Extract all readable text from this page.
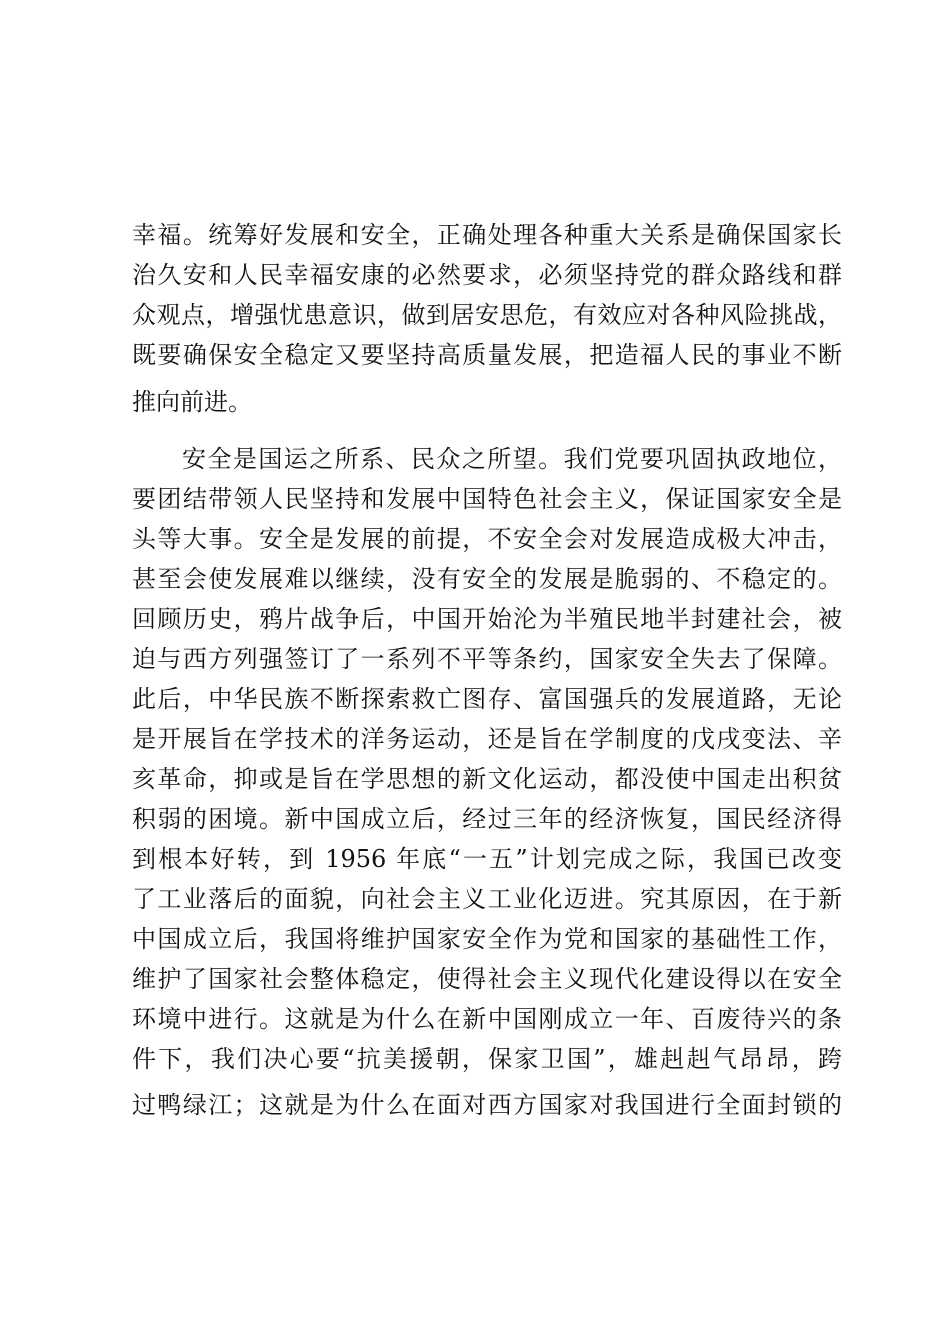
幸福。统筹好发展和安全，正确处理各种重大关系是确保国家长
治久安和人民幸福安康的必然要求，必须坚持党的群众路线和群
众观点，增强忧患意识，做到居安思危，有效应对各种风险挑战，
既要确保安全稳定又要坚持高质量发展，把造福人民的事业不断
推向前进。
安全是国运之所系、民众之所望。我们党要巩固执政地位，
要团结带领人民坚持和发展中国特色社会主义，保证国家安全是
头等大事。安全是发展的前提，不安全会对发展造成极大冲击，
甚至会使发展难以继续，没有安全的发展是脆弱的、不稳定的。
回顾历史，鸦片战争后，中国开始沦为半殖民地半封建社会，被
迫与西方列强签订了一系列不平等条约，国家安全失去了保障。
此后，中华民族不断探索救亡图存、富国强兵的发展道路，无论
是开展旨在学技术的洋务运动，还是旨在学制度的戊戌变法、辛
亥革命，抑或是旨在学思想的新文化运动，都没使中国走出积贫
积弱的困境。新中国成立后，经过三年的经济恢复，国民经济得
到根本好转，到 1956 年底“一五”计划完成之际，我国已改变
了工业落后的面貌，向社会主义工业化迈进。究其原因，在于新
中国成立后，我国将维护国家安全作为党和国家的基础性工作，
维护了国家社会整体稳定，使得社会主义现代化建设得以在安全
环境中进行。这就是为什么在新中国刚成立一年、百废待兴的条
件下，我们决心要“抗美援朝，保家卫国”，雄赳赳气昂昂，跨
过鸭绿江；这就是为什么在面对西方国家对我国进行全面封锁的
